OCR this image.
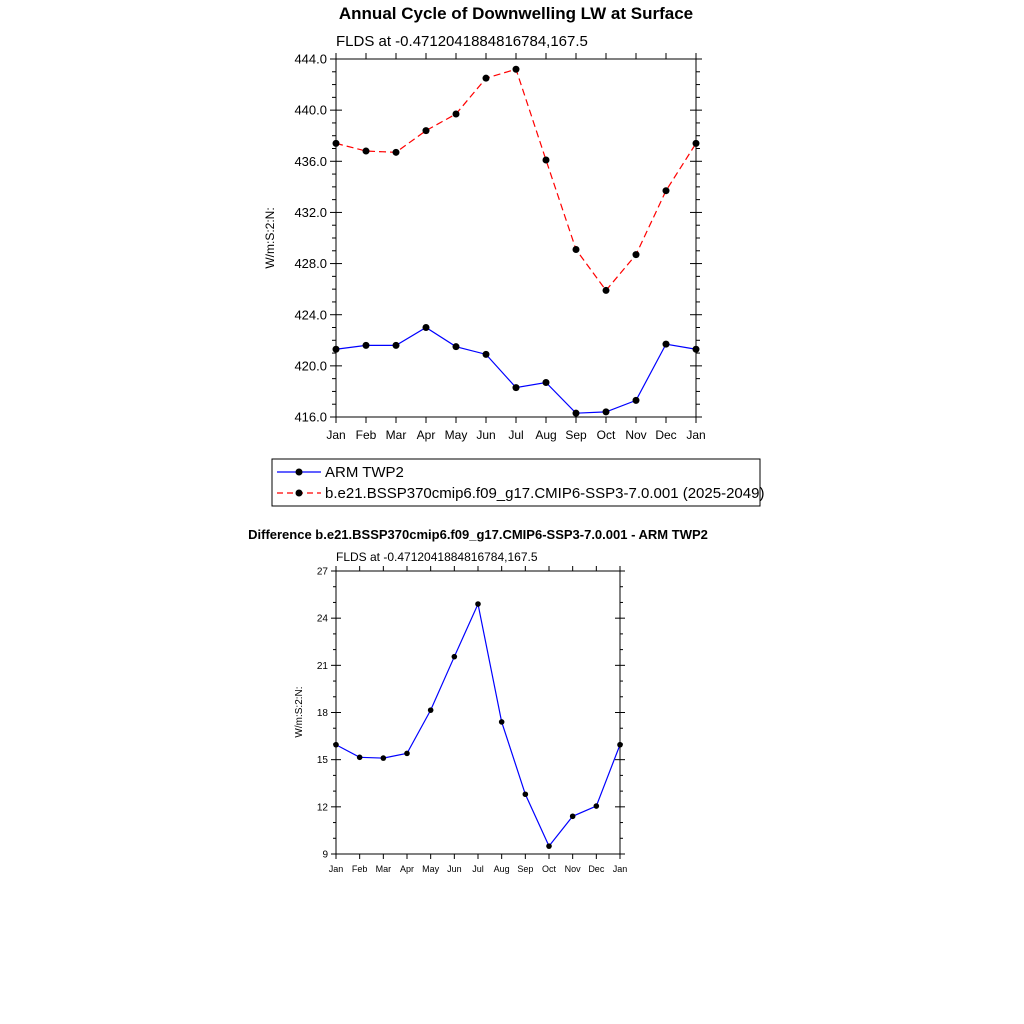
Annual Cycle of Downwelling LW at Surface
FLDS at -0.4712041884816784,167.5
W/m:S:2:N:
416.0
420.0
424.0
428.0
432.0
436.0
440.0
444.0
Jan Feb Mar Apr May Jun Jul Aug Sep Oct Nov Dec Jan
ARM TWP2
b.e21.BSSP370cmip6.f09_g17.CMIP6-SSP3-7.0.001 (2025-2049)
Difference b.e21.BSSP370cmip6.f09_g17.CMIP6-SSP3-7.0.001 - ARM TWP2
FLDS at -0.4712041884816784,167.5
W/m:S:2:N:
9
12
15
18
21
24
27
Jan Feb Mar Apr May Jun Jul Aug Sep Oct Nov Dec Jan
